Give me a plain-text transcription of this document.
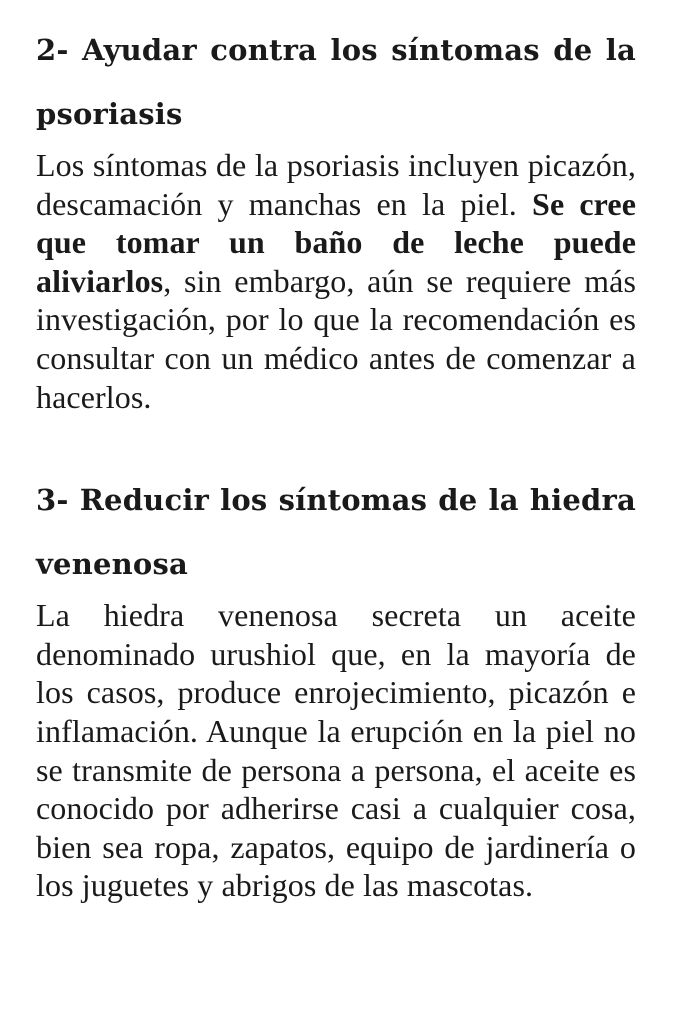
2- Ayudar contra los síntomas de la
psoriasis

Los síntomas de la psoriasis incluyen picazón, descamación y manchas en la piel. Se cree que tomar un baño de leche puede aliviarlos, sin embargo, aún se requiere más investigación, por lo que la recomendación es consultar con un médico antes de comenzar a hacerlos.

3- Reducir los síntomas de la hiedra
venenosa

La hiedra venenosa secreta un aceite denominado urushiol que, en la mayoría de los casos, produce enrojecimiento, picazón e inflamación. Aunque la erupción en la piel no se transmite de persona a persona, el aceite es conocido por adherirse casi a cualquier cosa, bien sea ropa, zapatos, equipo de jardinería o los juguetes y abrigos de las mascotas.
